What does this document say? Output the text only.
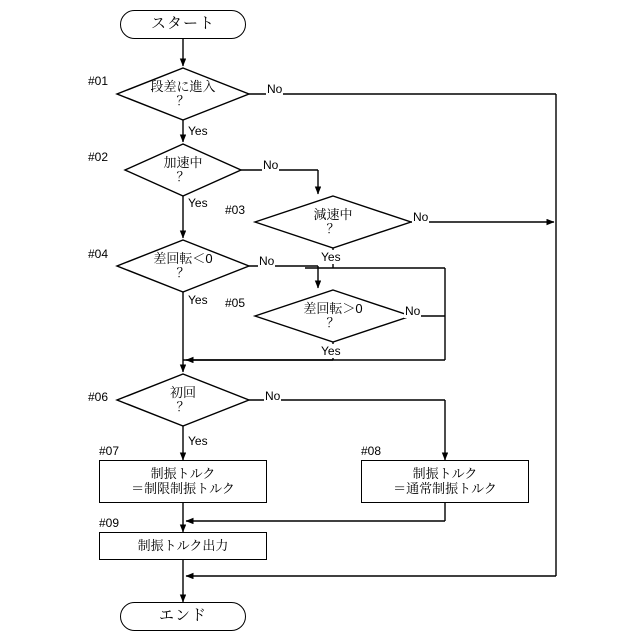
スタート
段差に進入
？
#01
No
Yes
加速中
？
#02
No
Yes
減速中
？
#03	No
Yes
差回転＜0
？
#04	No
Yes
差回転＞0
？
#05
No
Yes
初回
？
#06	No
Yes
制振トルク
＝制限制振トルク
#07
制振トルク
＝通常制振トルク
#08
制振トルク出力
#09
エンド
